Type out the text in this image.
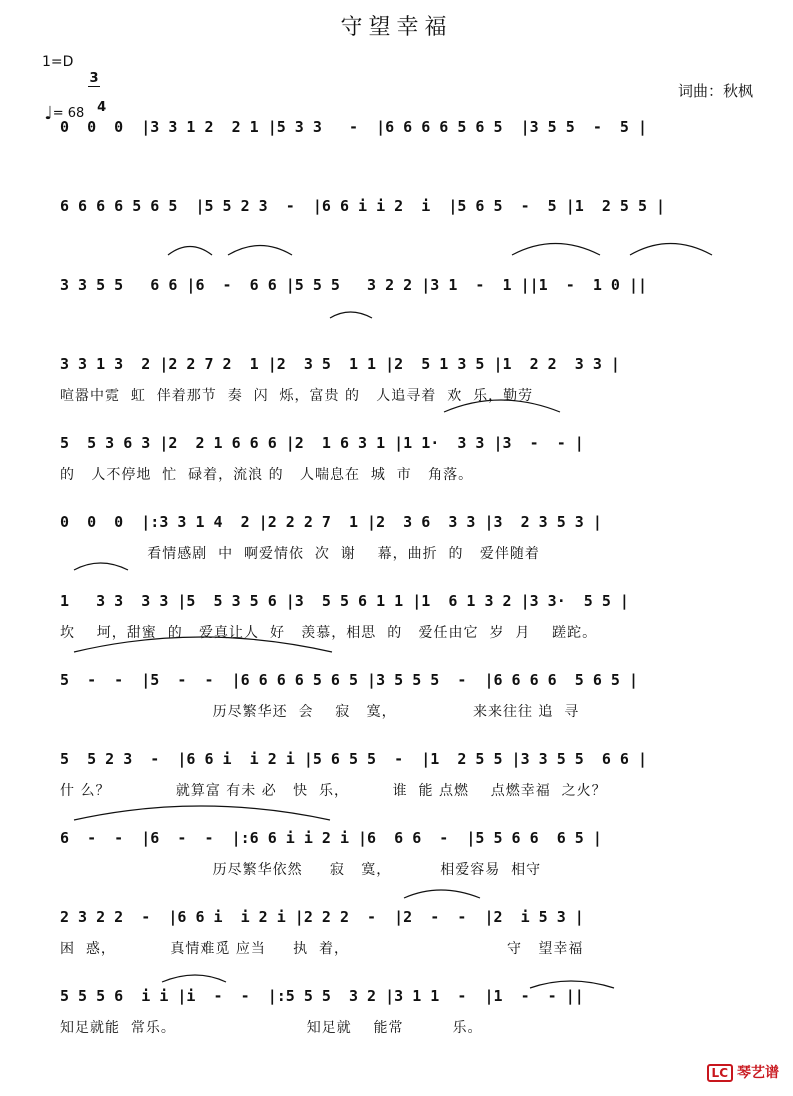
守望幸福
1=D

3

4

♩= 68

词曲：秋枫
0  0  0  |3 3 1 2  2 1 |5 3 3   -  |6 6 6 6 5 6 5  |3 5 5  -  5 |
6 6 6 6 5 6 5  |5 5 2 3  -  |6 6 i i 2  i  |5 6 5  -  5 |1  2 5 5 |
3 3 5 5   6 6 |6  -  6 6 |5 5 5   3 2 2 |3 1  -  1 ||1  -  1 0 ||
3 3 1 3  2 |2 2 7 2  1 |2  3 5  1 1 |2  5 1 3 5 |1  2 2  3 3 |
喧嚣中霓  虹  伴着那节  奏  闪  烁，富贵 的   人追寻着  欢  乐，勤劳
5  5 3 6 3 |2  2 1 6 6 6 |2  1 6 3 1 |1 1·  3 3 |3  -  - |
的   人不停地  忙  碌着，流浪 的   人喘息在  城  市   角落。
0  0  0  |:3 3 1 4  2 |2 2 2 7  1 |2  3 6  3 3 |3  2 3 5 3 |
看情感剧  中  啊爱情依  次  谢    幕，曲折  的   爱伴随着
1   3 3  3 3 |5  5 3 5 6 |3  5 5 6 1 1 |1  6 1 3 2 |3 3·  5 5 |
坎    坷，甜蜜  的   爱真让人  好   羡慕，相思  的   爱任由它  岁  月    蹉跎。
5  -  -  |5  -  -  |6 6 6 6 5 6 5 |3 5 5 5  -  |6 6 6 6  5 6 5 |
历尽繁华还  会    寂   寞，              来来往往 追  寻
5  5 2 3  -  |6 6 i  i 2 i |5 6 5 5  -  |1  2 5 5 |3 3 5 5  6 6 |
什 么？            就算富 有未 必   快  乐，        谁  能 点燃    点燃幸福  之火？
6  -  -  |6  -  -  |:6 6 i i 2 i |6  6 6  -  |5 5 6 6  6 5 |
历尽繁华依然     寂   寞，         相爱容易  相守
2 3 2 2  -  |6 6 i  i 2 i |2 2 2  -  |2  -  -  |2  i 5 3 |
困  惑，          真情难觅 应当     执  着，                             守   望幸福
5 5 5 6  i i |i  -  -  |:5 5 5  3 2 |3 1 1  -  |1  -  - ||
知足就能  常乐。                        知足就    能常         乐。

LC 琴艺谱
